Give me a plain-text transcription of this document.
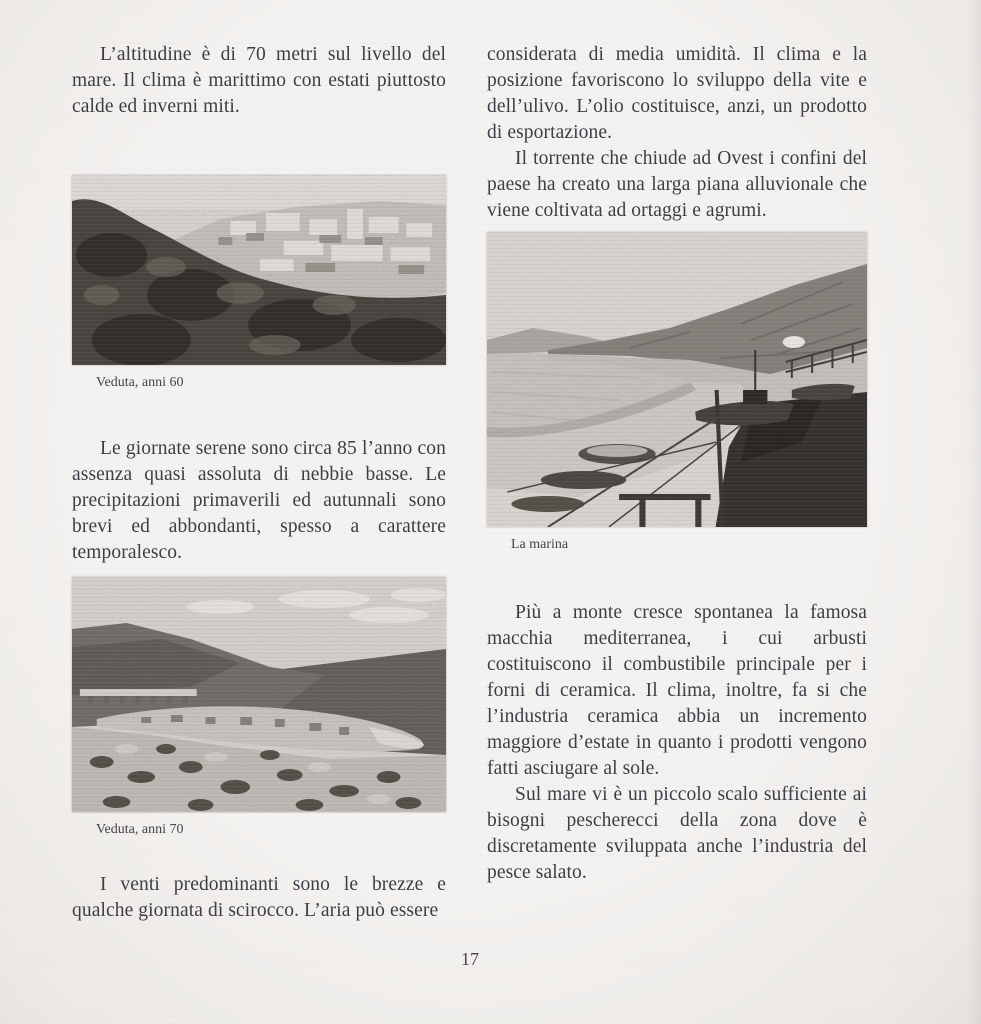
L’altitudine è di 70 metri sul livello del mare. Il clima è marittimo con estati piuttosto calde ed inverni miti.

Veduta, anni 60

Le giornate serene sono circa 85 l’anno con assenza quasi assoluta di nebbie basse. Le precipitazioni primaverili ed autunnali sono brevi ed abbondanti, spesso a carattere temporalesco.

Veduta, anni 70

I venti predominanti sono le brezze e qualche giornata di scirocco. L’aria può essere

considerata di media umidità. Il clima e la posizione favoriscono lo sviluppo della vite e dell’ulivo. L’olio costituisce, anzi, un prodotto di esportazione.

Il torrente che chiude ad Ovest i confini del paese ha creato una larga piana alluvionale che viene coltivata ad ortaggi e agrumi.

La marina

Più a monte cresce spontanea la famosa macchia mediterranea, i cui arbusti costituiscono il combustibile principale per i forni di ceramica. Il clima, inoltre, fa si che l’industria ceramica abbia un incremento maggiore d’estate in quanto i prodotti vengono fatti asciugare al sole.

Sul mare vi è un piccolo scalo sufficiente ai bisogni pescherecci della zona dove è discretamente sviluppata anche l’industria del pesce salato.

17
